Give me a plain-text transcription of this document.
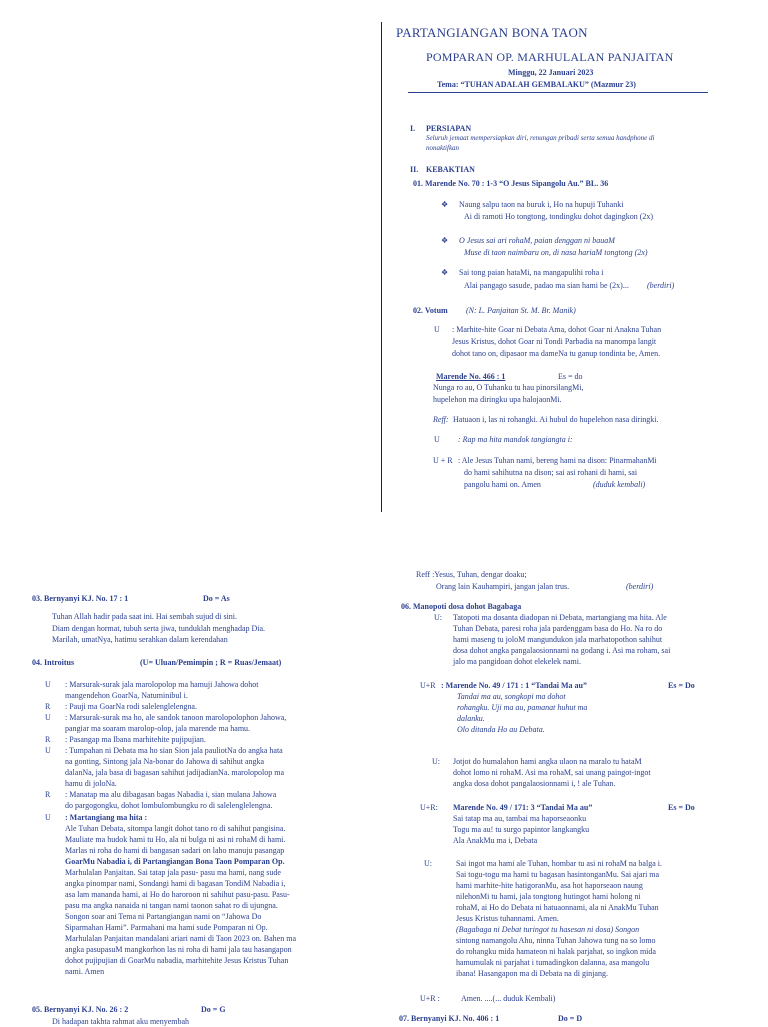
PARTANGIANGAN BONA TAON
POMPARAN OP. MARHULALAN PANJAITAN
Minggu, 22 Januari 2023
Tema: “TUHAN ADALAH GEMBALAKU” (Mazmur 23)
I. PERSIAPAN
Seluruh jemaat mempersiapkan diri, renungan pribadi serta semua handphone di
nonaktifkan
II. KEBAKTIAN
01. Marende No. 70 : 1-3 “O Jesus Sipangolu Au.” BL. 36
❖ Naung salpu taon na buruk i, Ho na hupuji Tuhanki
Ai di ramoti Ho tongtong, tondingku dohot dagingkon (2x)
❖ O Jesus sai ari rohaM, paian denggan ni bauaM
Muse di taon naimbaru on, di nasa hariaM tongtong (2x)
❖ Sai tong paian hataMi, na mangapulihi roha i
Alai pangago sasude, padao ma sian hami be (2x)... (berdiri)
02. Votum (N: L. Panjaitan St. M. Br. Manik)
U : Marhite-hite Goar ni Debata Ama, dohot Goar ni Anakna Tuhan
Jesus Kristus, dohot Goar ni Tondi Parbadia na manompa langit
dohot tano on, dipasaor ma dameNa tu ganup tondinta be, Amen.
Marende No. 466 : 1	Es = do
Nunga ro au, O Tuhanku tu hau pinorsilangMi,
hupelehon ma diringku upa halojaonMi.
Reff: Hatuaon i, las ni rohangki. Ai hubul do hupelehon nasa diringki.
U : Rap ma hita mandok tangiangta i:
U + R : Ale Jesus Tuhan nami, bereng hami na dison: PinarmahanMi
do hami sahihutna na dison; sai asi rohani di hami, sai
pangolu hami on. Amen	(duduk kembali)
03. Bernyanyi KJ. No. 17 : 1	Do = As
Tuhan Allah hadir pada saat ini. Hai sembah sujud di sini.
Diam dengan hormat, tubuh serta jiwa, tunduklah menghadap Dia.
Marilah, umatNya, hatimu serahkan dalam kerendahan
04. Introitus	(U= Uluan/Pemimpin ; R = Ruas/Jemaat)
U : Marsurak-surak jala marolopolop ma hamuji Jahowa dohot
mangendehon GoarNa, Natuminibul i.
R : Pauji ma GoarNa rodi salelenglelengna.
U : Marsurak-surak ma ho, ale sandok tanoon marolopolophon Jahowa,
pangiar ma soaram marolop-olop, jala marende ma hamu.
R : Pasangap ma Ibana marhitehite pujipujian.
U : Tumpahan ni Debata ma ho sian Sion jala pauliotNa do angka hata
na gonting, Sintong jala Na-bonar do Jahowa di sahihut angka
dalanNa, jala basa di bagasan sahihut jadijadianNa. marolopolop ma
hamu di joloNa.
R : Manatap ma alu dibagasan bagas Nabadia i, sian mulana Jahowa
do pargogongku, dohot lombulombungku ro di salelenglelengna.
U : Martangiang ma hita :
Ale Tuhan Debata, sitompa langit dohot tano ro di sahihut pangisina.
Mauliate ma hudok hami tu Ho, ala ni bulga ni asi ni rohaM di hami.
Marlas ni roha do hami di bangasan sadari on laho manuju pasangap
GoarMu Nabadia i, di Partangiangan Bona Taon Pomparan Op.
Marhulalan Panjaitan. Sai tatap jala pasu- pasu ma hami, nang sude
angka pinompar nami, Sondangi hami di bagasan TondiM Nabadia i,
asa lam mananda hami, ai Ho do haroroon ni sahihut pasu-pasu. Pasu-
pasu ma angka nanaida ni tangan nami taonon sahat ro di ujungna.
Songon soar ani Tema ni Partangiangan nami on “Jahowa Do
Siparmahan Hami”. Parmahani ma hami sude Pomparan ni Op.
Marhulalan Panjaitan mandalani ariari nami di Taon 2023 on. Bahen ma
angka pasupasuM mangkorhon las ni roha di hami jala tau hasangapon
dohot pujipujian di GoarMu nabadia, marhitehite Jesus Kristus Tuhan
nami. Amen
05. Bernyanyi KJ. No. 26 : 2	Do = G
Di hadapan takhta rahmat aku menyembah
Reff :Yesus, Tuhan, dengar doaku;
Orang lain Kauhampiri, jangan jalan trus.	(berdiri)
06. Manopoti dosa dohot Bagabaga
U: Tatopoti ma dosanta diadopan ni Debata, martangiang ma hita. Ale
Tuhan Debata, paresi roha jala pardenggam basa do Ho. Na ro do
hami maseng tu joloM mangundukon jala marhatopothon sahihut
dosa dohot angka pangalaosionnami na godang i. Asi ma roham, sai
jalo ma pangidoan dohot elekelek nami.
U+R : Marende No. 49 / 171 : 1 “Tandai Ma au”	Es = Do
Tandai ma au, songkopi ma dohot
rohangku. Uji ma au, pamanat huhut ma
dalanku.
Olo ditanda Ho au Debata.
U: Jotjot do humalahon hami angka ulaon na maralo tu hataM
dohot lomo ni rohaM. Asi ma rohaM, sai unang paingot-ingot
angka dosa dohot pangalaosionnami i, ! ale Tuhan.
U+R: Marende No. 49 / 171: 3 “Tandai Ma au”	Es = Do
Sai tatap ma au, tambai ma haporseaonku
Togu ma au! tu surgo papintor langkangku
Ala AnakMu ma i, Debata
U:	Sai ingot ma hami ale Tuhan, hombar tu asi ni rohaM na balga i.
Sai togu-togu ma hami tu bagasan hasintonganMu. Sai ajari ma
hami marhite-hite hatigoranMu, asa hot haporseaon naung
nilehonMi tu hami, jala tongtong hutingot hami holong ni
rohaM, ai Ho do Debata ni hatuaonnami, ala ni AnakMu Tuhan
Jesus Kristus tuhannami. Amen.
(Bagabaga ni Debat turingot tu hasesan ni dosa) Songon
sintong namangolu Ahu, ninna Tuhan Jahowa tung na so lomo
do rohangku mida hamateon ni halak parjahat, so ingkon mida
hamumulak ni parjahat i tumadingkon dalanna, asa mangolu
ibana! Hasangapon ma di Debata na di ginjang.
U+R :	Amen. ....(... duduk Kembali)
07. Bernyanyi KJ. No. 406 : 1	Do = D
